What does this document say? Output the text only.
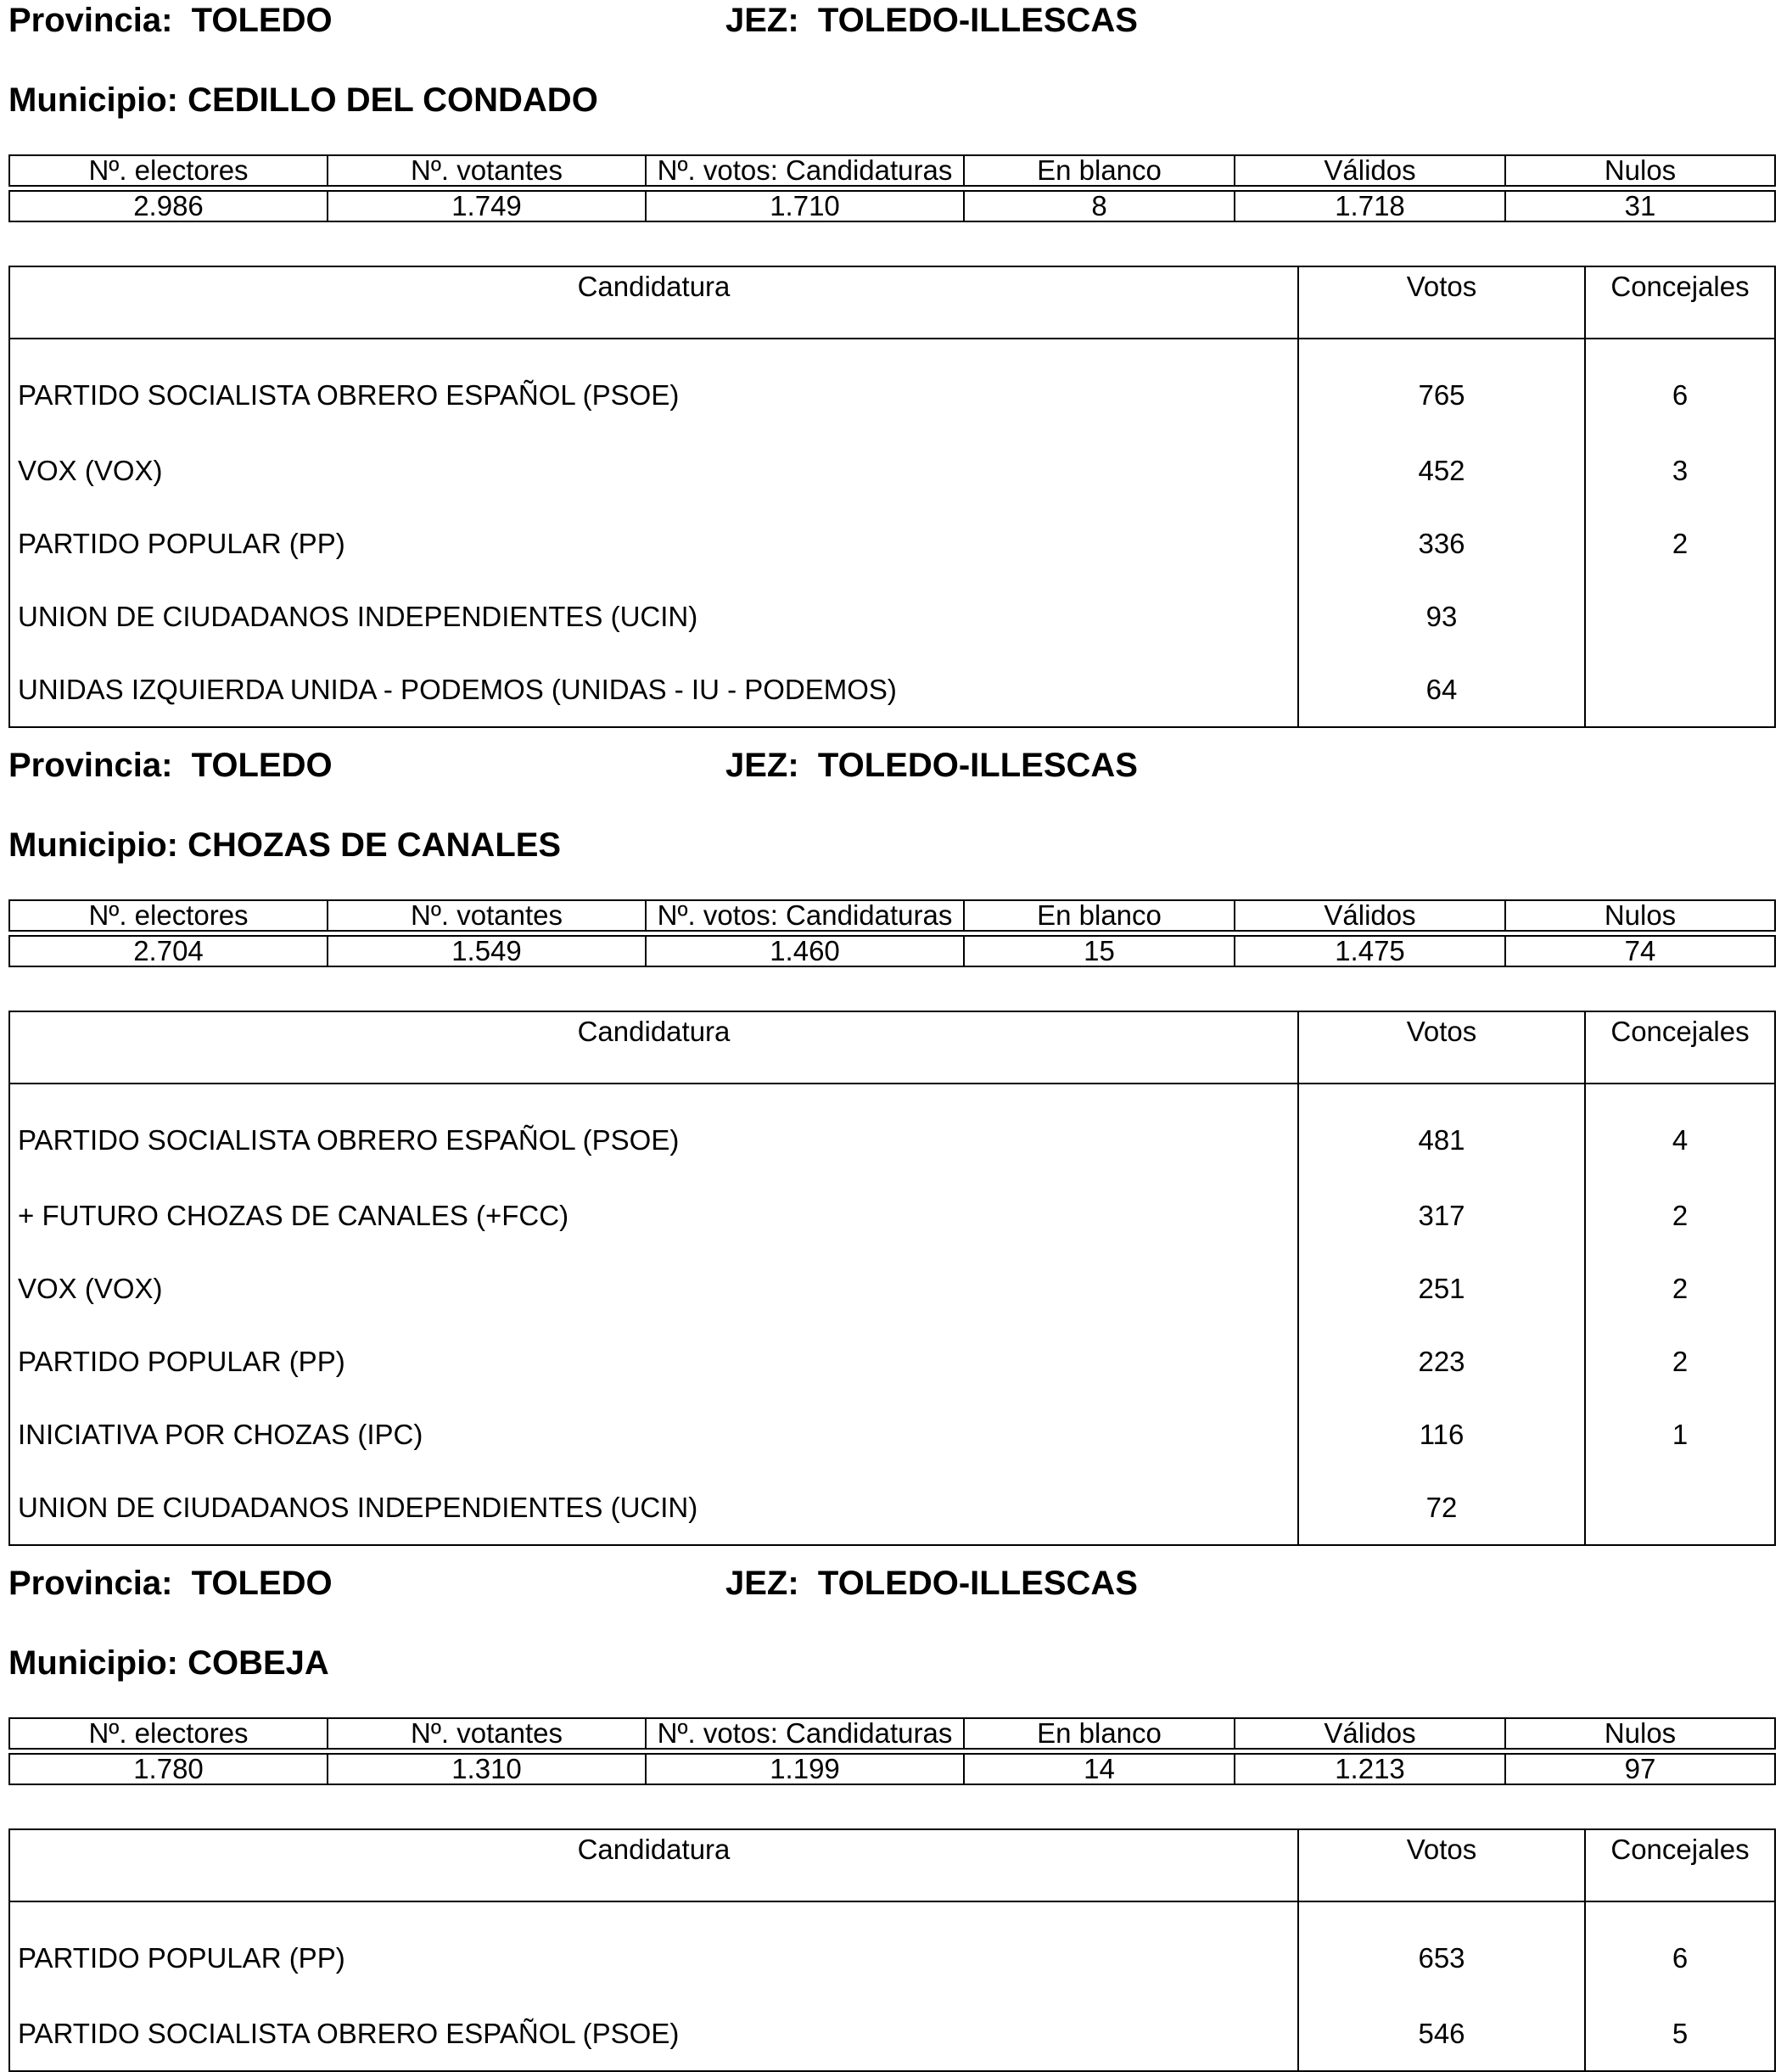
Provincia: TOLEDO	JEZ: TOLEDO-ILLESCAS
Municipio: CEDILLO DEL CONDADO
Nº. electores	Nº. votantes	Nº. votos: Candidaturas	En blanco	Válidos	Nulos

2.986	1.749	1.710	8	1.718	31
Candidatura	Votos	Concejales
PARTIDO SOCIALISTA OBRERO ESPAÑOL (PSOE)	765	6
VOX (VOX)	452	3
PARTIDO POPULAR (PP)	336	2
UNION DE CIUDADANOS INDEPENDIENTES (UCIN)	93	
UNIDAS IZQUIERDA UNIDA - PODEMOS (UNIDAS - IU - PODEMOS)	64	
Provincia: TOLEDO	JEZ: TOLEDO-ILLESCAS
Municipio: CHOZAS DE CANALES
Nº. electores	Nº. votantes	Nº. votos: Candidaturas	En blanco	Válidos	Nulos

2.704	1.549	1.460	15	1.475	74
Candidatura	Votos	Concejales
PARTIDO SOCIALISTA OBRERO ESPAÑOL (PSOE)	481	4
+ FUTURO CHOZAS DE CANALES (+FCC)	317	2
VOX (VOX)	251	2
PARTIDO POPULAR (PP)	223	2
INICIATIVA POR CHOZAS (IPC)	116	1
UNION DE CIUDADANOS INDEPENDIENTES (UCIN)	72	
Provincia: TOLEDO	JEZ: TOLEDO-ILLESCAS
Municipio: COBEJA
Nº. electores	Nº. votantes	Nº. votos: Candidaturas	En blanco	Válidos	Nulos

1.780	1.310	1.199	14	1.213	97
Candidatura	Votos	Concejales
PARTIDO POPULAR (PP)	653	6
PARTIDO SOCIALISTA OBRERO ESPAÑOL (PSOE)	546	5
